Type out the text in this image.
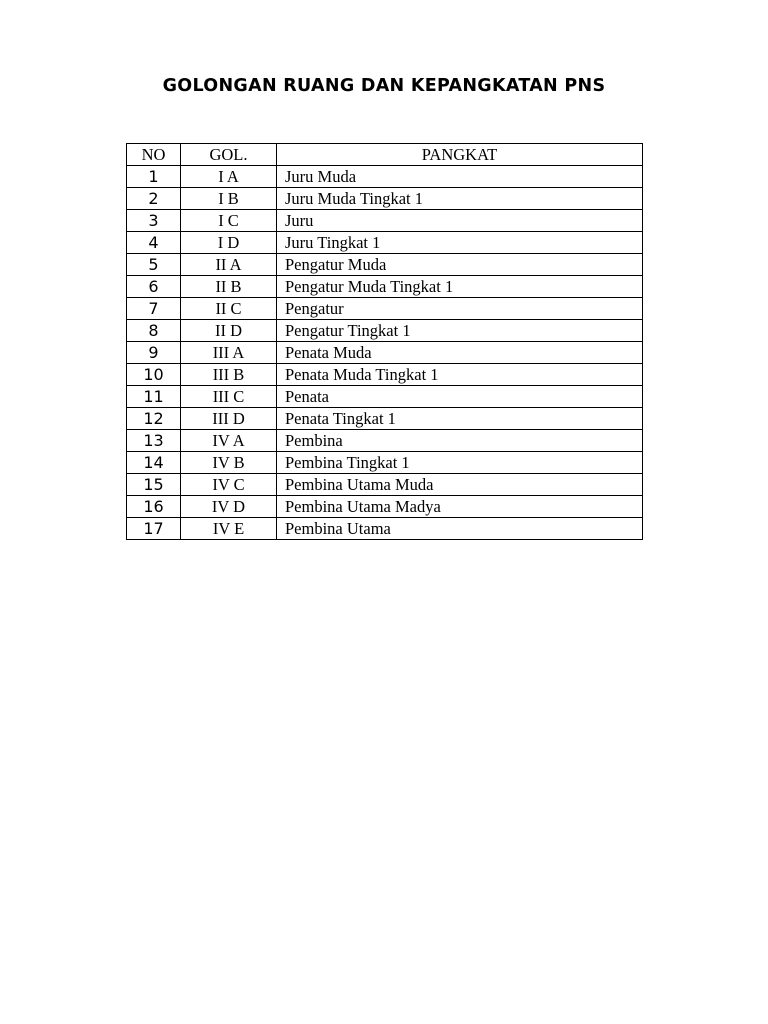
GOLONGAN RUANG DAN KEPANGKATAN PNS
NO	GOL.	PANGKAT
1	I A	Juru Muda
2	I B	Juru Muda Tingkat 1
3	I C	Juru
4	I D	Juru Tingkat 1
5	II A	Pengatur Muda
6	II B	Pengatur Muda Tingkat 1
7	II C	Pengatur
8	II D	Pengatur Tingkat 1
9	III A	Penata Muda
10	III B	Penata Muda Tingkat 1
11	III C	Penata
12	III D	Penata Tingkat 1
13	IV A	Pembina
14	IV B	Pembina Tingkat 1
15	IV C	Pembina Utama Muda
16	IV D	Pembina Utama Madya
17	IV E	Pembina Utama
